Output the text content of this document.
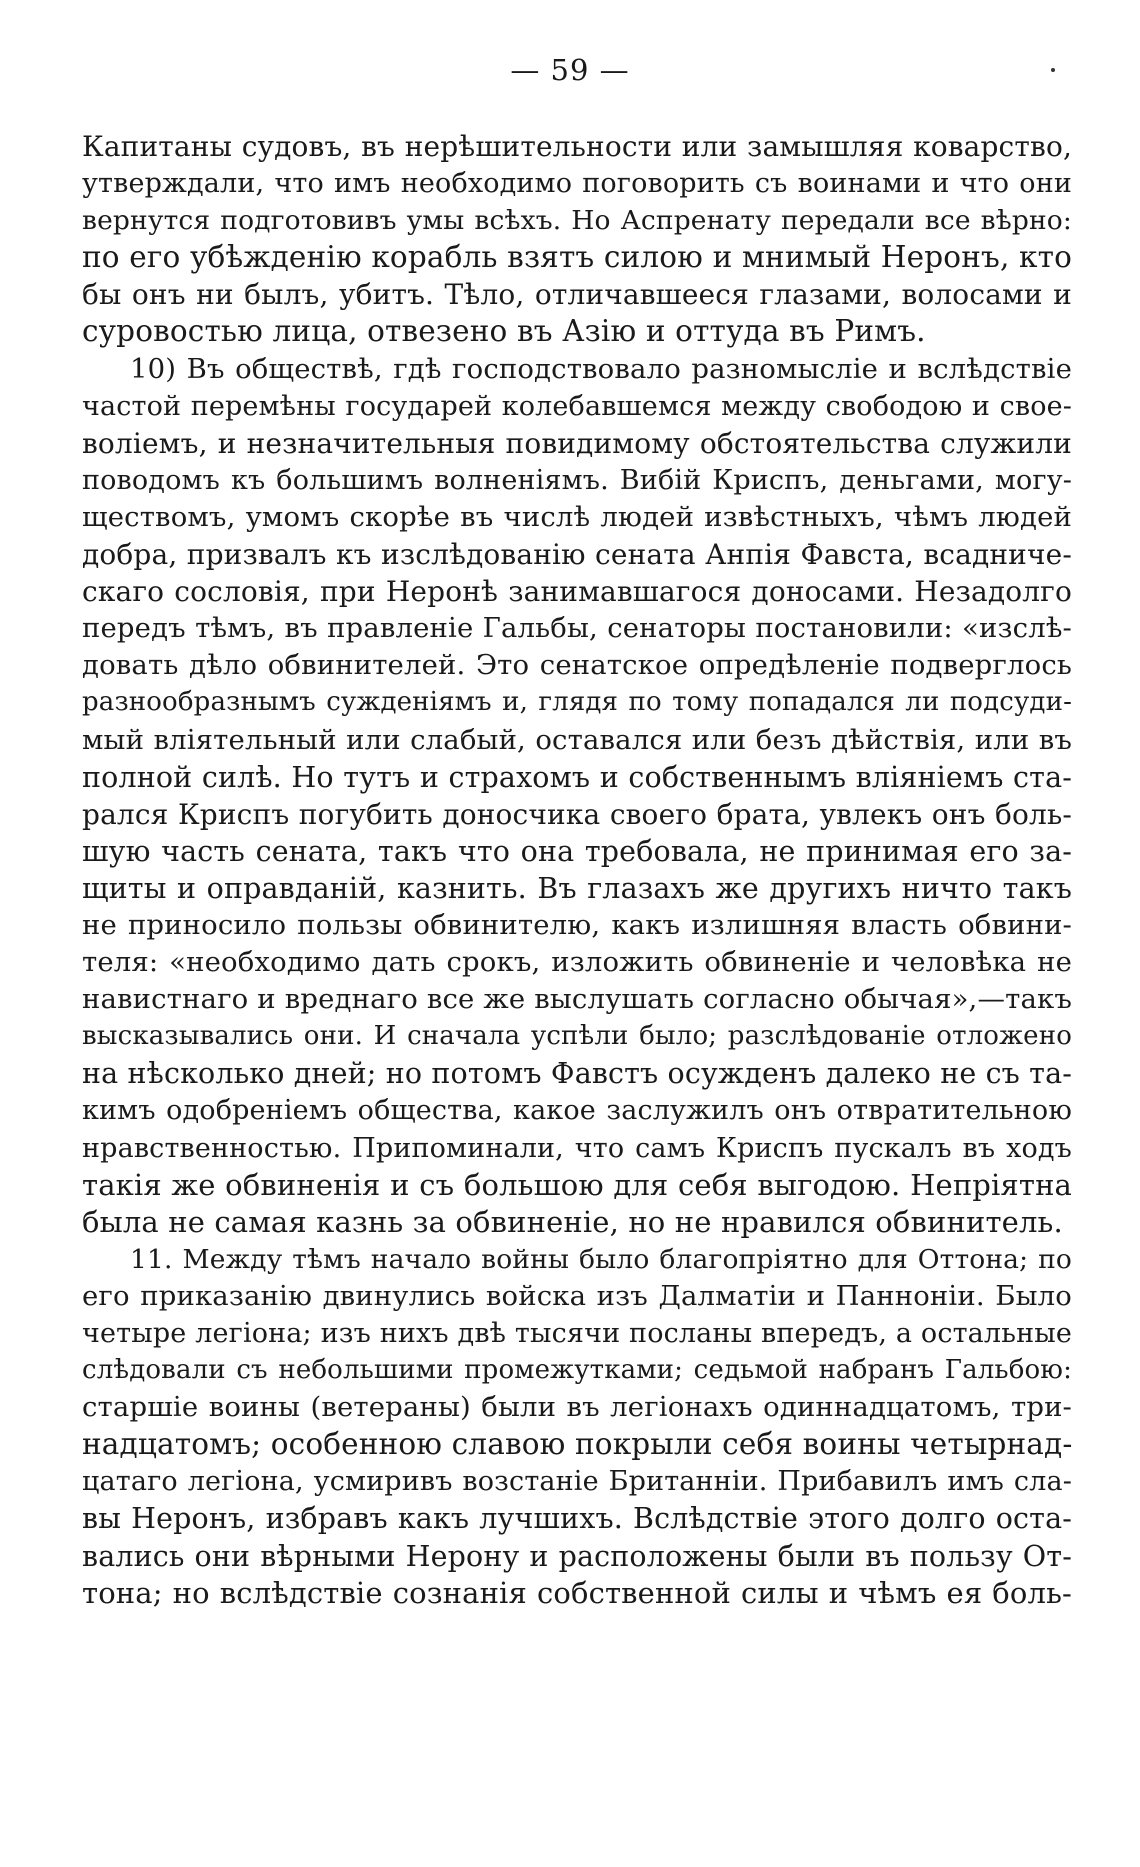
— 59 —
Капитаны судовъ, въ нерѣшительности или замышляя коварство,
утверждали, что имъ необходимо поговорить съ воинами и что они
вернутся подготовивъ умы всѣхъ. Но Аспренату передали все вѣрно:
по его убѣжденію корабль взятъ силою и мнимый Неронъ, кто
бы онъ ни былъ, убитъ. Тѣло, отличавшееся глазами, волосами и
суровостью лица, отвезено въ Азію и оттуда въ Римъ.
10) Въ обществѣ, гдѣ господствовало разномысліе и вслѣдствіе
частой перемѣны государей колебавшемся между свободою и свое-
воліемъ, и незначительныя повидимому обстоятельства служили
поводомъ къ большимъ волненіямъ. Вибій Криспъ, деньгами, могу-
ществомъ, умомъ скорѣе въ числѣ людей извѣстныхъ, чѣмъ людей
добра, призвалъ къ изслѣдованію сената Анпія Фавста, всадниче-
скаго сословія, при Неронѣ занимавшагося доносами. Незадолго
передъ тѣмъ, въ правленіе Гальбы, сенаторы постановили: «изслѣ-
довать дѣло обвинителей. Это сенатское опредѣленіе подверглось
разнообразнымъ сужденіямъ и, глядя по тому попадался ли подсуди-
мый вліятельный или слабый, оставался или безъ дѣйствія, или въ
полной силѣ. Но тутъ и страхомъ и собственнымъ вліяніемъ ста-
рался Криспъ погубить доносчика своего брата, увлекъ онъ боль-
шую часть сената, такъ что она требовала, не принимая его за-
щиты и оправданій, казнить. Въ глазахъ же другихъ ничто такъ
не приносило пользы обвинителю, какъ излишняя власть обвини-
теля: «необходимо дать срокъ, изложить обвиненіе и человѣка не
навистнаго и вреднаго все же выслушать согласно обычая»,—такъ
высказывались они. И сначала успѣли было; разслѣдованіе отложено
на нѣсколько дней; но потомъ Фавстъ осужденъ далеко не съ та-
кимъ одобреніемъ общества, какое заслужилъ онъ отвратительною
нравственностью. Припоминали, что самъ Криспъ пускалъ въ ходъ
такія же обвиненія и съ большою для себя выгодою. Непріятна
была не самая казнь за обвиненіе, но не нравился обвинитель.
11. Между тѣмъ начало войны было благопріятно для Оттона; по
его приказанію двинулись войска изъ Далматіи и Панноніи. Было
четыре легіона; изъ нихъ двѣ тысячи посланы впередъ, а остальные
слѣдовали съ небольшими промежутками; седьмой набранъ Гальбою:
старшіе воины (ветераны) были въ легіонахъ одиннадцатомъ, три-
надцатомъ; особенною славою покрыли себя воины четырнад-
цатаго легіона, усмиривъ возстаніе Британніи. Прибавилъ имъ сла-
вы Неронъ, избравъ какъ лучшихъ. Вслѣдствіе этого долго оста-
вались они вѣрными Нерону и расположены были въ пользу От-
тона; но вслѣдствіе сознанія собственной силы и чѣмъ ея боль-
